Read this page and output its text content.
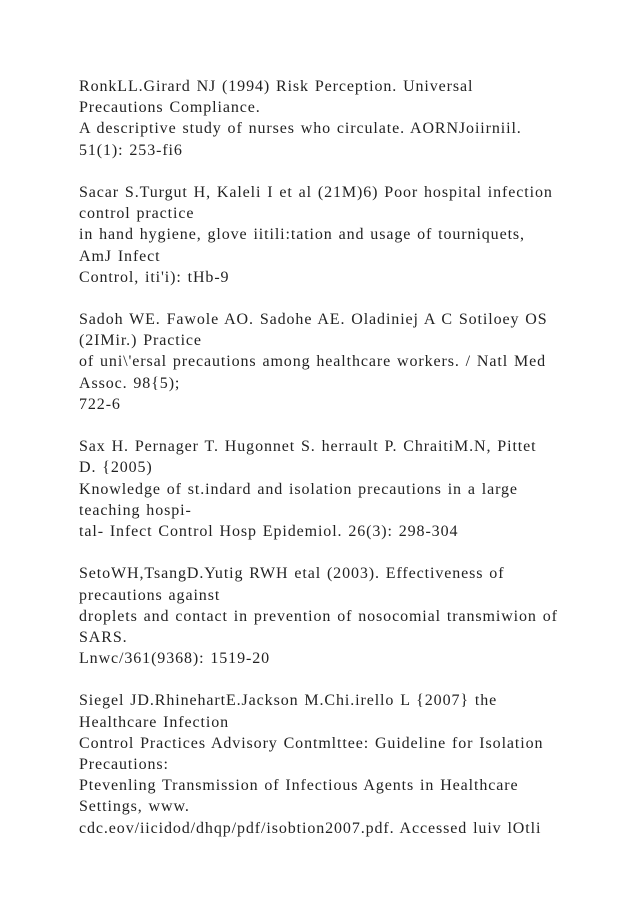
RonkLL.Girard NJ (1994) Risk Perception. Universal
Precautions Compliance.
A descriptive study of nurses who circulate. AORNJoiirniil.
51(1): 253-fi6
Sacar S.Turgut H, Kaleli I et al (21M)6) Poor hospital infection
control practice
in hand hygiene, glove iitili:tation and usage of tourniquets,
AmJ Infect
Control, iti'i): tHb-9
Sadoh WE. Fawole AO. Sadohe AE. Oladiniej A C Sotiloey OS
(2IMir.) Practice
of uni\'ersal precautions among healthcare workers. / Natl Med
Assoc. 98{5);
722-6
Sax H. Pernager T. Hugonnet S. herrault P. ChraitiM.N, Pittet
D. {2005)
Knowledge of st.indard and isolation precautions in a large
teaching hospi-
tal- Infect Control Hosp Epidemiol. 26(3): 298-304
SetoWH,TsangD.Yutig RWH etal (2003). Effectiveness of
precautions against
droplets and contact in prevention of nosocomial transmiwion of
SARS.
Lnwc/361(9368): 1519-20
Siegel JD.RhinehartE.Jackson M.Chi.irello L {2007} the
Healthcare Infection
Control Practices Advisory Contmlttee: Guideline for Isolation
Precautions:
Ptevenling Transmission of Infectious Agents in Healthcare
Settings, www.
cdc.eov/iicidod/dhqp/pdf/isobtion2007.pdf. Accessed luiv lOtli
